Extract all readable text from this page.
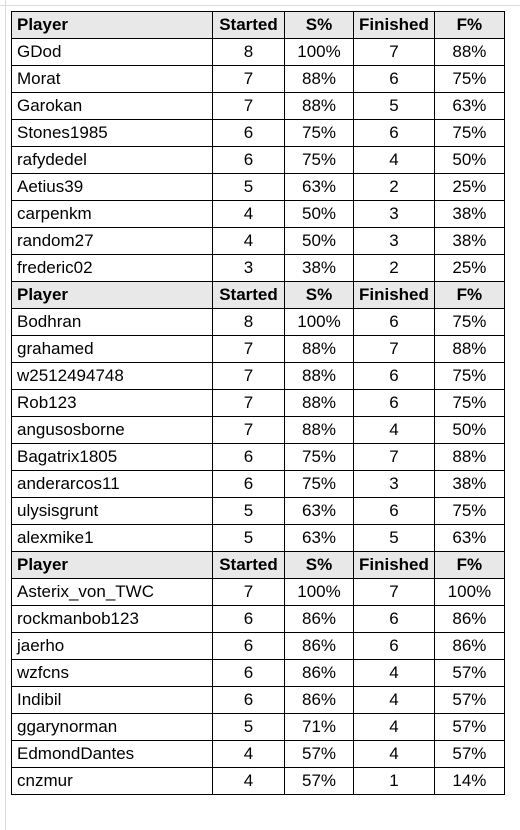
Player	Started	S%	Finished	F%
GDod	8	100%	7	88%
Morat	7	88%	6	75%
Garokan	7	88%	5	63%
Stones1985	6	75%	6	75%
rafydedel	6	75%	4	50%
Aetius39	5	63%	2	25%
carpenkm	4	50%	3	38%
random27	4	50%	3	38%
frederic02	3	38%	2	25%
Player	Started	S%	Finished	F%
Bodhran	8	100%	6	75%
grahamed	7	88%	7	88%
w2512494748	7	88%	6	75%
Rob123	7	88%	6	75%
angusosborne	7	88%	4	50%
Bagatrix1805	6	75%	7	88%
anderarcos11	6	75%	3	38%
ulysisgrunt	5	63%	6	75%
alexmike1	5	63%	5	63%
Player	Started	S%	Finished	F%
Asterix_von_TWC	7	100%	7	100%
rockmanbob123	6	86%	6	86%
jaerho	6	86%	6	86%
wzfcns	6	86%	4	57%
Indibil	6	86%	4	57%
ggarynorman	5	71%	4	57%
EdmondDantes	4	57%	4	57%
cnzmur	4	57%	1	14%
